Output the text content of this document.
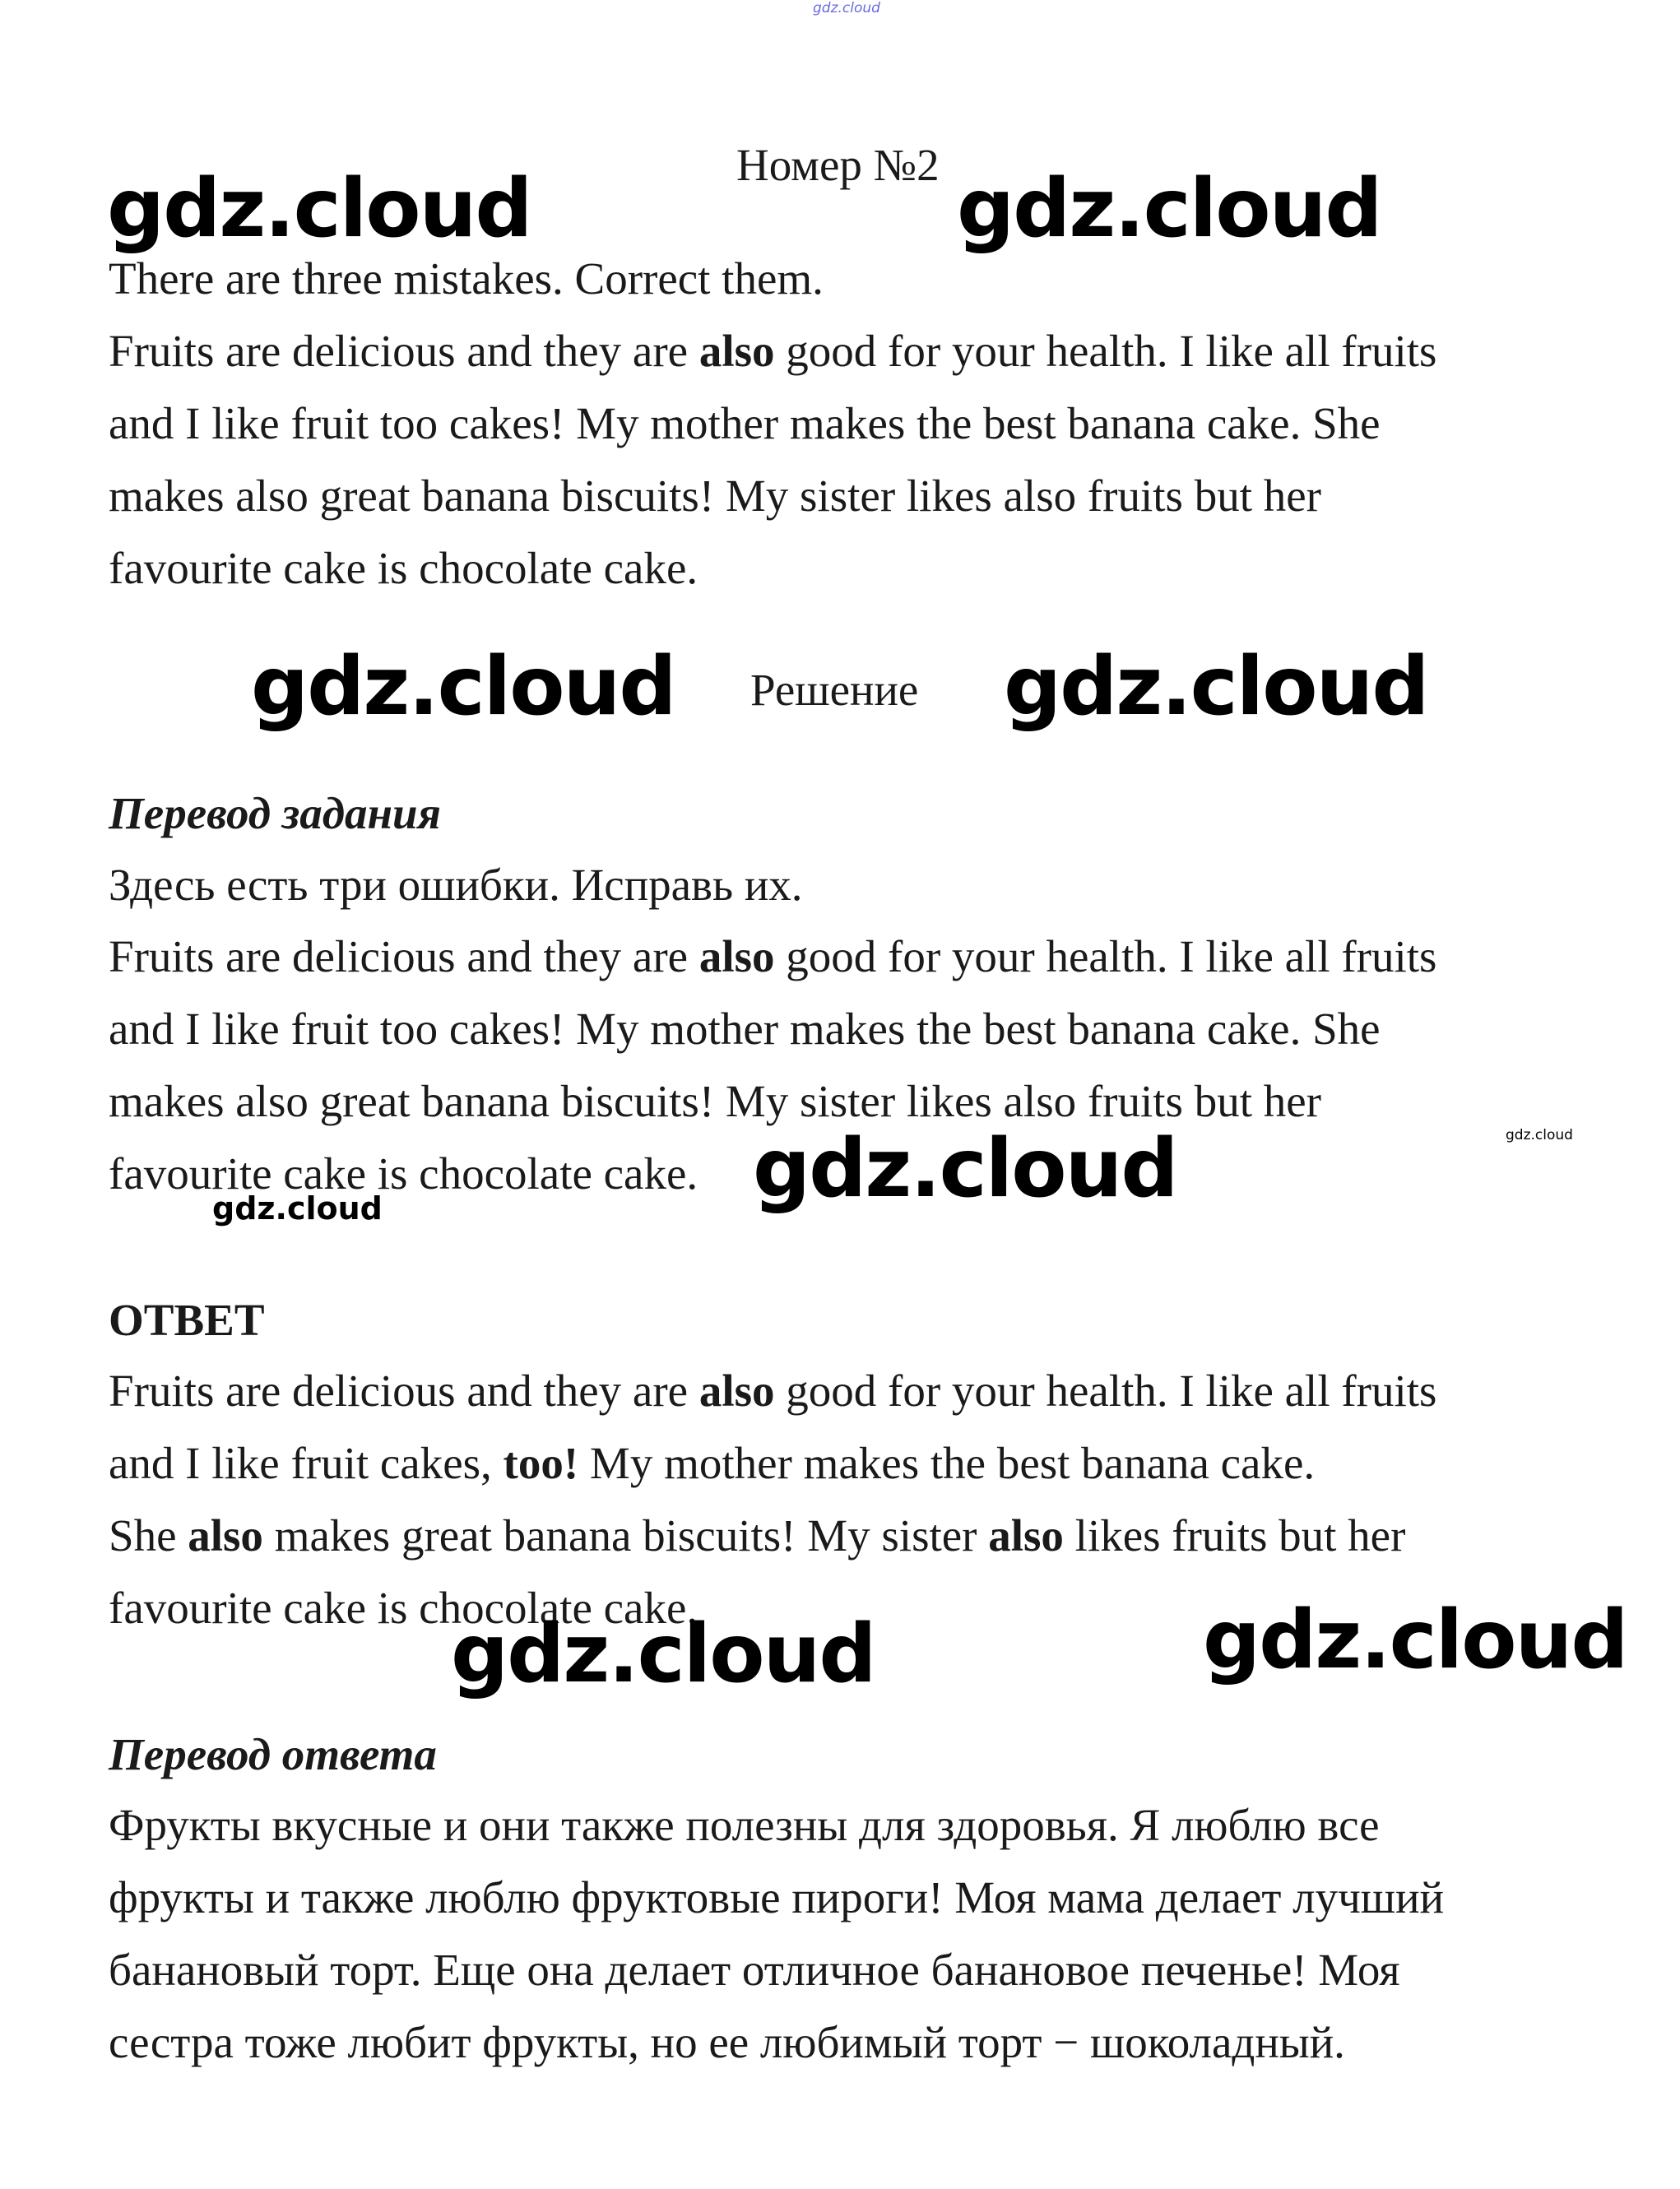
gdz.cloud

Номер №2

gdz.cloud	gdz.cloud

There are three mistakes. Correct them.

Fruits are delicious and they are also good for your health. I like all fruits

and I like fruit too cakes! My mother makes the best banana cake. She

makes also great banana biscuits! My sister likes also fruits but her

favourite cake is chocolate cake.

gdz.cloud Решение gdz.cloud

Перевод задания

Здесь есть три ошибки. Исправь их.

Fruits are delicious and they are also good for your health. I like all fruits

and I like fruit too cakes! My mother makes the best banana cake. She

makes also great banana biscuits! My sister likes also fruits but her

favourite cake is chocolate cake. gdz.cloud	gdz.cloud
gdz.cloud

ОТВЕТ

Fruits are delicious and they are also good for your health. I like all fruits

and I like fruit cakes, too! My mother makes the best banana cake.

She also makes great banana biscuits! My sister also likes fruits but her

favourite cake is chocolate cake.

gdz.cloud	gdz.cloud

Перевод ответа

Фрукты вкусные и они также полезны для здоровья. Я люблю все

фрукты и также люблю фруктовые пироги! Моя мама делает лучший

банановый торт. Еще она делает отличное банановое печенье! Моя

сестра тоже любит фрукты, но ее любимый торт − шоколадный.
